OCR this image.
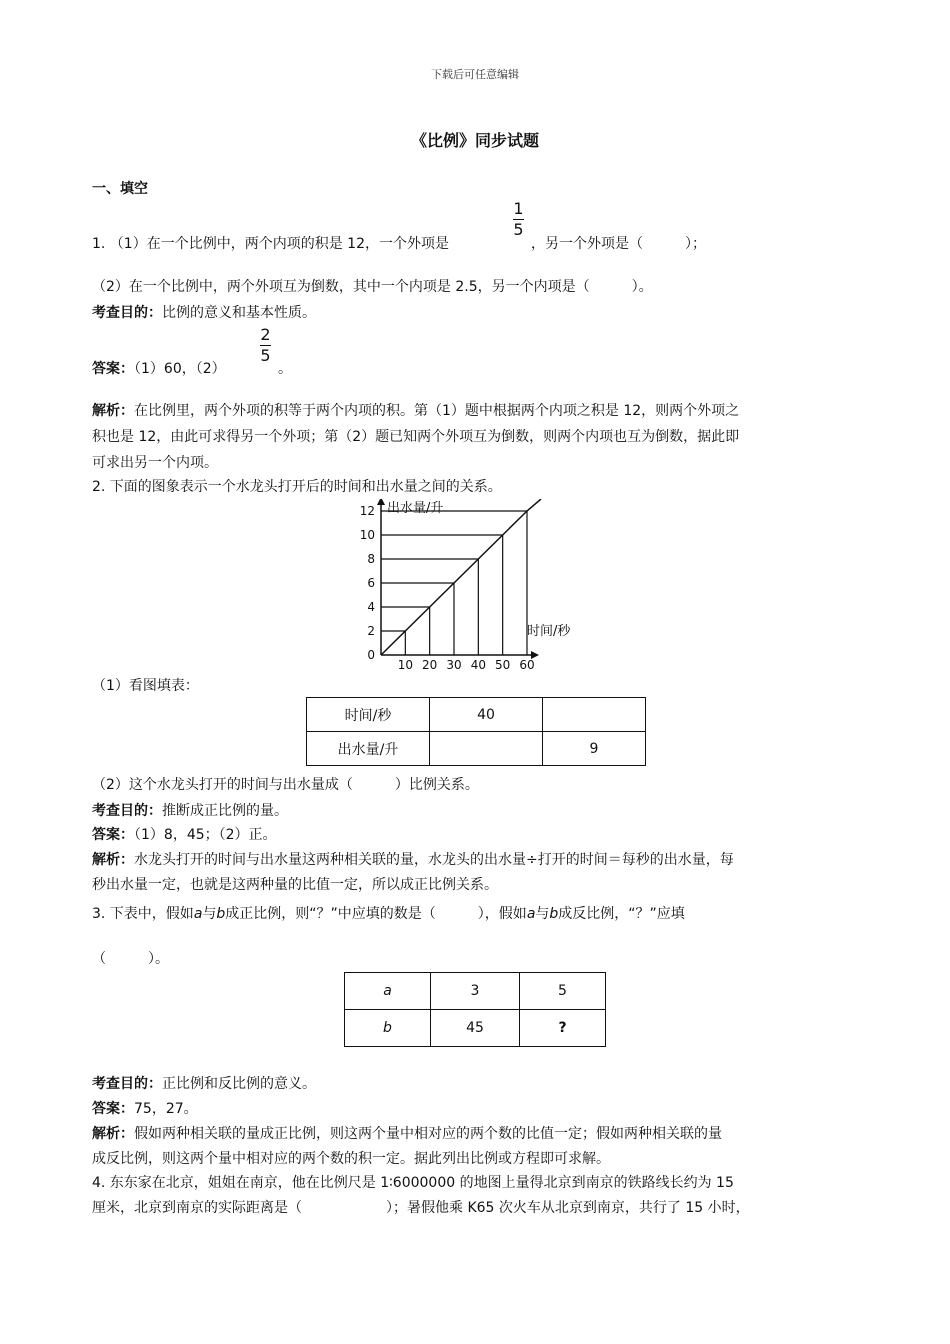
下载后可任意编辑
《比例》同步试题
一、填空
1. （1）在一个比例中，两个内项的积是 12，一个外项是
1
5
，另一个外项是（　　　）；
（2）在一个比例中，两个外项互为倒数，其中一个内项是 2.5，另一个内项是（　　　）。
考查目的：比例的意义和基本性质。
答案：（1）60，（2）
2
5
。
解析：在比例里，两个外项的积等于两个内项的积。第（1）题中根据两个内项之积是 12，则两个外项之
积也是 12，由此可求得另一个外项；第（2）题已知两个外项互为倒数，则两个内项也互为倒数，据此即
可求出另一个内项。
2. 下面的图象表示一个水龙头打开后的时间和出水量之间的关系。
10 20 30 40 50 60
2
4
6
8
10
12
0
出水量/升
时间/秒
（1）看图填表：
时间/秒	40	
出水量/升		9
（2）这个水龙头打开的时间与出水量成（　　　）比例关系。
考查目的：推断成正比例的量。
答案：（1）8，45；（2）正。
解析：水龙头打开的时间与出水量这两种相关联的量，水龙头的出水量÷打开的时间＝每秒的出水量，每
秒出水量一定，也就是这两种量的比值一定，所以成正比例关系。
3. 下表中，假如a与b成正比例，则“？”中应填的数是（　　　），假如a与b成反比例，“？”应填
（　　　）。
a	3	5
b	45	?
考查目的：正比例和反比例的意义。
答案：75，27。
解析：假如两种相关联的量成正比例，则这两个量中相对应的两个数的比值一定；假如两种相关联的量
成反比例，则这两个量中相对应的两个数的积一定。据此列出比例或方程即可求解。
4. 东东家在北京，姐姐在南京，他在比例尺是 1∶6000000 的地图上量得北京到南京的铁路线长约为 15
厘米，北京到南京的实际距离是（　　　　　　）；暑假他乘 K65 次火车从北京到南京，共行了 15 小时，
